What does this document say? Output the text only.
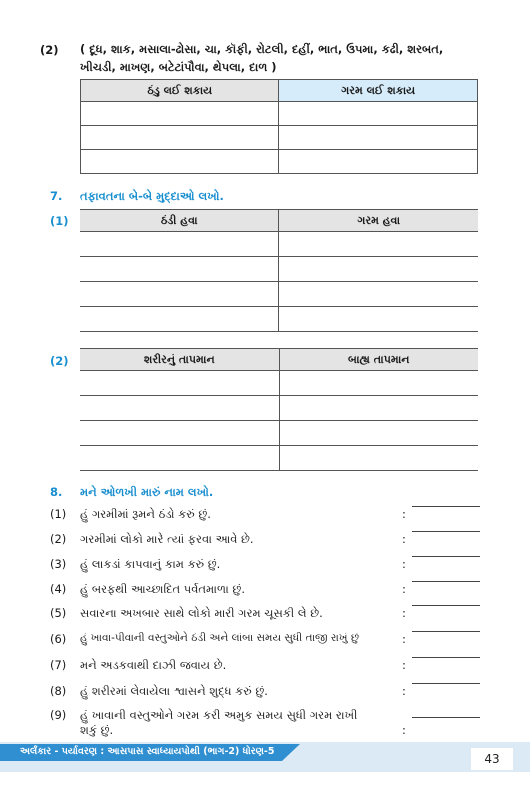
(2) ( દૂધ, શાક, મસાલા-ઢોસા, ચા, કૉફી, રોટલી, દહીં, ભાત, ઉપમા, કઢી, શરબત,
ખીચડી, માખણ, બટેટાંપૌવા, થેપલા, દાળ )
ઠંડુ લઈ શકાય	ગરમ લઈ શકાય

7. તફાવતના બે-બે મુદ્દાઓ લખો.
(1)	ઠંડી હવા	ગરમ હવા

(2)	શરીરનું તાપમાન	બાહ્ય તાપમાન

8. મને ઓળખી મારું નામ લખો.
(1) હું ગરમીમાં રૂમને ઠંડો કરું છું.	:
(2) ગરમીમાં લોકો મારે ત્યાં ફરવા આવે છે.	:
(3) હું લાકડાં કાપવાનું કામ કરું છું.	:
(4) હું બરફથી આચ્છાદિત પર્વતમાળા છું.	:
(5) સવારના અખબાર સાથે લોકો મારી ગરમ ચૂસકી લે છે.	:
(6) હું ખાવા-પીવાની વસ્તુઓને ઠંડી અને લાંબા સમય સુધી તાજી રાખું છું	:
(7) મને અડકવાથી દાઝી જવાય છે.	:
(8) હું શરીરમાં લેવાયેલા શ્વાસને શુદ્ધ કરું છું.	:
(9) હું ખાવાની વસ્તુઓને ગરમ કરી અમુક સમય સુધી ગરમ રાખી
શકું છું.	:
અર્લંકાર - પર્યાવરણ : આસપાસ સ્વાધ્યાયપોથી (ભાગ-2) ધોરણ-5
43
